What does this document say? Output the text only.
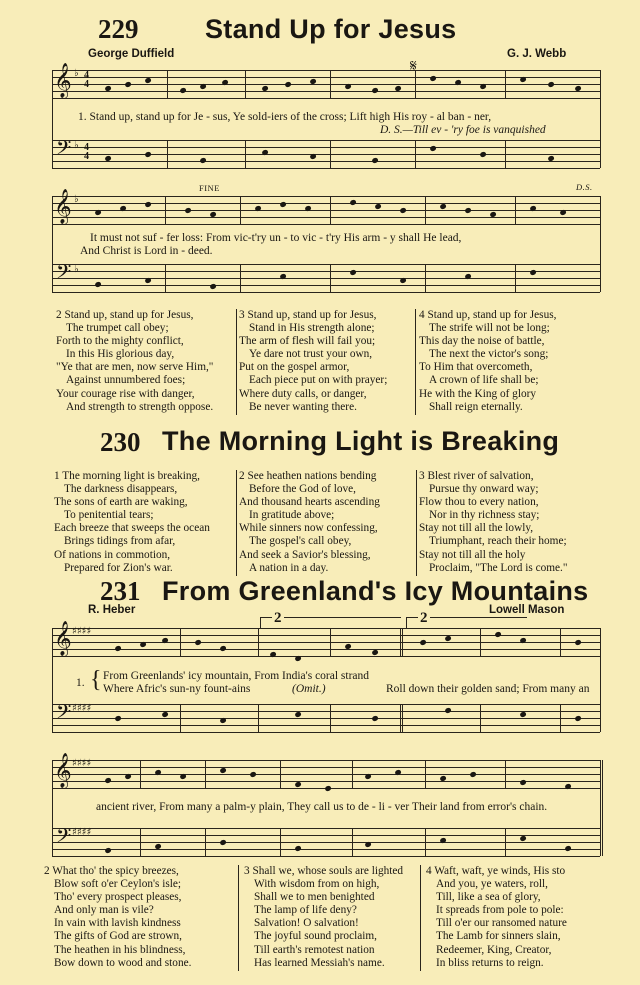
229 Stand Up for Jesus
George Duffield	G. J. Webb
𝄋
𝄞 ♭ 4
4
𝄢 ♭ 4
4
1. Stand up, stand up for Je - sus, Ye sold-iers of the cross; Lift high His roy - al ban - ner,
D. S.—Till ev - 'ry foe is vanquished
FINE	D.S.
𝄞 ♭
𝄢 ♭
It must not suf - fer loss: From vic-t'ry un - to vic - t'ry His arm - y shall He lead,
And Christ is Lord in - deed.
2 Stand up, stand up for Jesus,
The trumpet call obey;
Forth to the mighty conflict,
In this His glorious day,
"Ye that are men, now serve Him,"
Against unnumbered foes;
Your courage rise with danger,
And strength to strength oppose.
3 Stand up, stand up for Jesus,
Stand in His strength alone;
The arm of flesh will fail you;
Ye dare not trust your own,
Put on the gospel armor,
Each piece put on with prayer;
Where duty calls, or danger,
Be never wanting there.
4 Stand up, stand up for Jesus,
The strife will not be long;
This day the noise of battle,
The next the victor's song;
To Him that overcometh,
A crown of life shall be;
He with the King of glory
Shall reign eternally.
230 The Morning Light is Breaking
1 The morning light is breaking,
The darkness disappears,
The sons of earth are waking,
To penitential tears;
Each breeze that sweeps the ocean
Brings tidings from afar,
Of nations in commotion,
Prepared for Zion's war.
2 See heathen nations bending
Before the God of love,
And thousand hearts ascending
In gratitude above;
While sinners now confessing,
The gospel's call obey,
And seek a Savior's blessing,
A nation in a day.
3 Blest river of salvation,
Pursue thy onward way;
Flow thou to every nation,
Nor in thy richness stay;
Stay not till all the lowly,
Triumphant, reach their home;
Stay not till all the holy
Proclaim, "The Lord is come."
231 From Greenland's Icy Mountains
R. Heber	Lowell Mason
2	2
𝄞 ♯♯♯♯
𝄢 ♯♯♯♯
1. { From Greenlands' icy mountain, From India's coral strand
Where Afric's sun-ny fount-ains	(Omit.)	Roll down their golden sand; From many an
𝄞 ♯♯♯♯
𝄢 ♯♯♯♯
ancient river, From many a palm-y plain, They call us to de - li - ver Their land from error's chain.
2 What tho' the spicy breezes,
Blow soft o'er Ceylon's isle;
Tho' every prospect pleases,
And only man is vile?
In vain with lavish kindness
The gifts of God are strown,
The heathen in his blindness,
Bow down to wood and stone.
3 Shall we, whose souls are lighted
With wisdom from on high,
Shall we to men benighted
The lamp of life deny?
Salvation! O salvation!
The joyful sound proclaim,
Till earth's remotest nation
Has learned Messiah's name.
4 Waft, waft, ye winds, His sto
And you, ye waters, roll,
Till, like a sea of glory,
It spreads from pole to pole:
Till o'er our ransomed nature
The Lamb for sinners slain,
Redeemer, King, Creator,
In bliss returns to reign.
